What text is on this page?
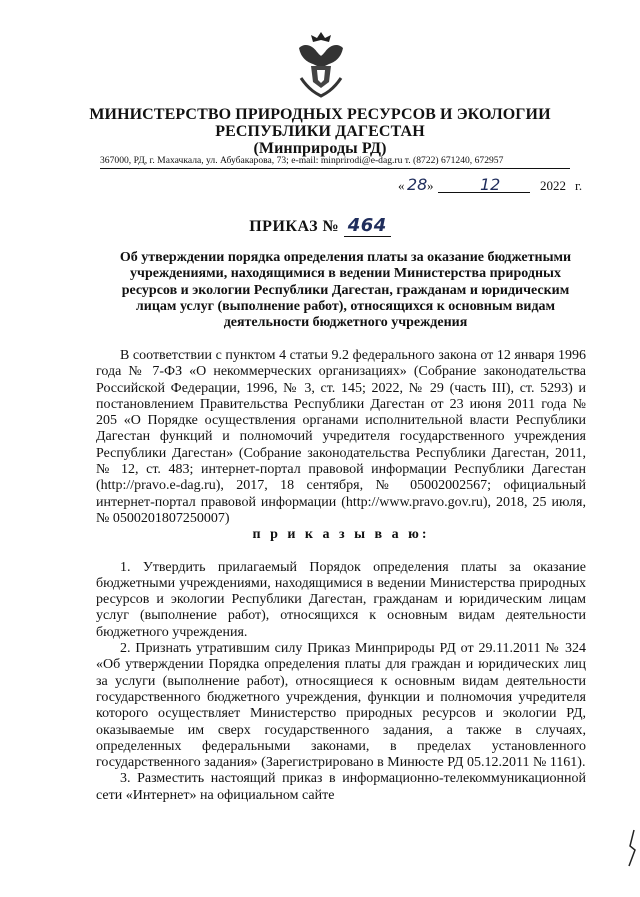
МИНИСТЕРСТВО ПРИРОДНЫХ РЕСУРСОВ И ЭКОЛОГИИ
РЕСПУБЛИКИ ДАГЕСТАН
(Минприроды РД)
367000, РД, г. Махачкала, ул. Абубакарова, 73; e-mail: minprirodi@e-dag.ru т. (8722) 671240, 672957
« 28 »	12	2022 г.
ПРИКАЗ № 464
Об утверждении порядка определения платы за оказание бюджетными учреждениями, находящимися в ведении Министерства природных ресурсов и экологии Республики Дагестан, гражданам и юридическим лицам услуг (выполнение работ), относящихся к основным видам деятельности бюджетного учреждения

В соответствии с пунктом 4 статьи 9.2 федерального закона от 12 января 1996 года № 7-ФЗ «О некоммерческих организациях» (Собрание законодательства Российской Федерации, 1996, № 3, ст. 145; 2022, № 29 (часть III), ст. 5293) и постановлением Правительства Республики Дагестан от 23 июня 2011 года № 205 «О Порядке осуществления органами исполнительной власти Республики Дагестан функций и полномочий учредителя государственного учреждения Республики Дагестан» (Собрание законодательства Республики Дагестан, 2011, № 12, ст. 483; интернет-портал правовой информации Республики Дагестан (http://pravo.e-dag.ru), 2017, 18 сентября, № 05002002567; официальный интернет-портал правовой информации (http://www.pravo.gov.ru), 2018, 25 июля, № 0500201807250007)

п р и к а з ы в а ю:

1. Утвердить прилагаемый Порядок определения платы за оказание бюджетными учреждениями, находящимися в ведении Министерства природных ресурсов и экологии Республики Дагестан, гражданам и юридическим лицам услуг (выполнение работ), относящихся к основным видам деятельности бюджетного учреждения.

2. Признать утратившим силу Приказ Минприроды РД от 29.11.2011 № 324 «Об утверждении Порядка определения платы для граждан и юридических лиц за услуги (выполнение работ), относящиеся к основным видам деятельности государственного бюджетного учреждения, функции и полномочия учредителя которого осуществляет Министерство природных ресурсов и экологии РД, оказываемые им сверх государственного задания, а также в случаях, определенных федеральными законами, в пределах установленного государственного задания» (Зарегистрировано в Минюсте РД 05.12.2011 № 1161).

3. Разместить настоящий приказ в информационно-телекоммуникационной сети «Интернет» на официальном сайте
